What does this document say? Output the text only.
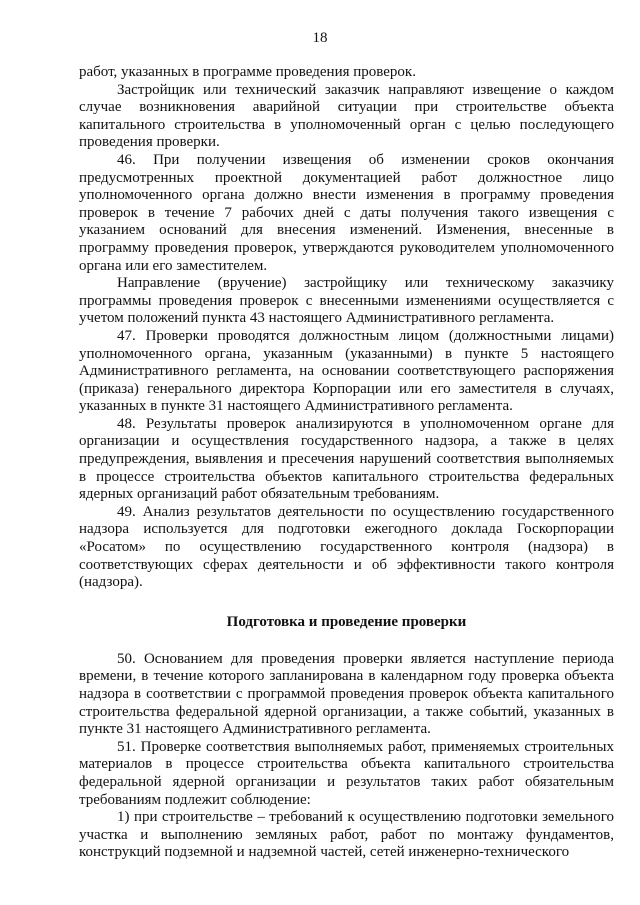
18

работ, указанных в программе проведения проверок.

Застройщик или технический заказчик направляют извещение о каждом случае возникновения аварийной ситуации при строительстве объекта капитального строительства в уполномоченный орган с целью последующего проведения проверки.

46. При получении извещения об изменении сроков окончания предусмотренных проектной документацией работ должностное лицо уполномоченного органа должно внести изменения в программу проведения проверок в течение 7 рабочих дней с даты получения такого извещения с указанием оснований для внесения изменений. Изменения, внесенные в программу проведения проверок, утверждаются руководителем уполномоченного органа или его заместителем.

Направление (вручение) застройщику или техническому заказчику программы проведения проверок с внесенными изменениями осуществляется с учетом положений пункта 43 настоящего Административного регламента.

47. Проверки проводятся должностным лицом (должностными лицами) уполномоченного органа, указанным (указанными) в пункте 5 настоящего Административного регламента, на основании соответствующего распоряжения (приказа) генерального директора Корпорации или его заместителя в случаях, указанных в пункте 31 настоящего Административного регламента.

48. Результаты проверок анализируются в уполномоченном органе для организации и осуществления государственного надзора, а также в целях предупреждения, выявления и пресечения нарушений соответствия выполняемых в процессе строительства объектов капитального строительства федеральных ядерных организаций работ обязательным требованиям.

49. Анализ результатов деятельности по осуществлению государственного надзора используется для подготовки ежегодного доклада Госкорпорации «Росатом» по осуществлению государственного контроля (надзора) в соответствующих сферах деятельности и об эффективности такого контроля (надзора).

Подготовка и проведение проверки

50. Основанием для проведения проверки является наступление периода времени, в течение которого запланирована в календарном году проверка объекта надзора в соответствии с программой проведения проверок объекта капитального строительства федеральной ядерной организации, а также событий, указанных в пункте 31 настоящего Административного регламента.

51. Проверке соответствия выполняемых работ, применяемых строительных материалов в процессе строительства объекта капитального строительства федеральной ядерной организации и результатов таких работ обязательным требованиям подлежит соблюдение:

1) при строительстве – требований к осуществлению подготовки земельного участка и выполнению земляных работ, работ по монтажу фундаментов, конструкций подземной и надземной частей, сетей инженерно-технического
